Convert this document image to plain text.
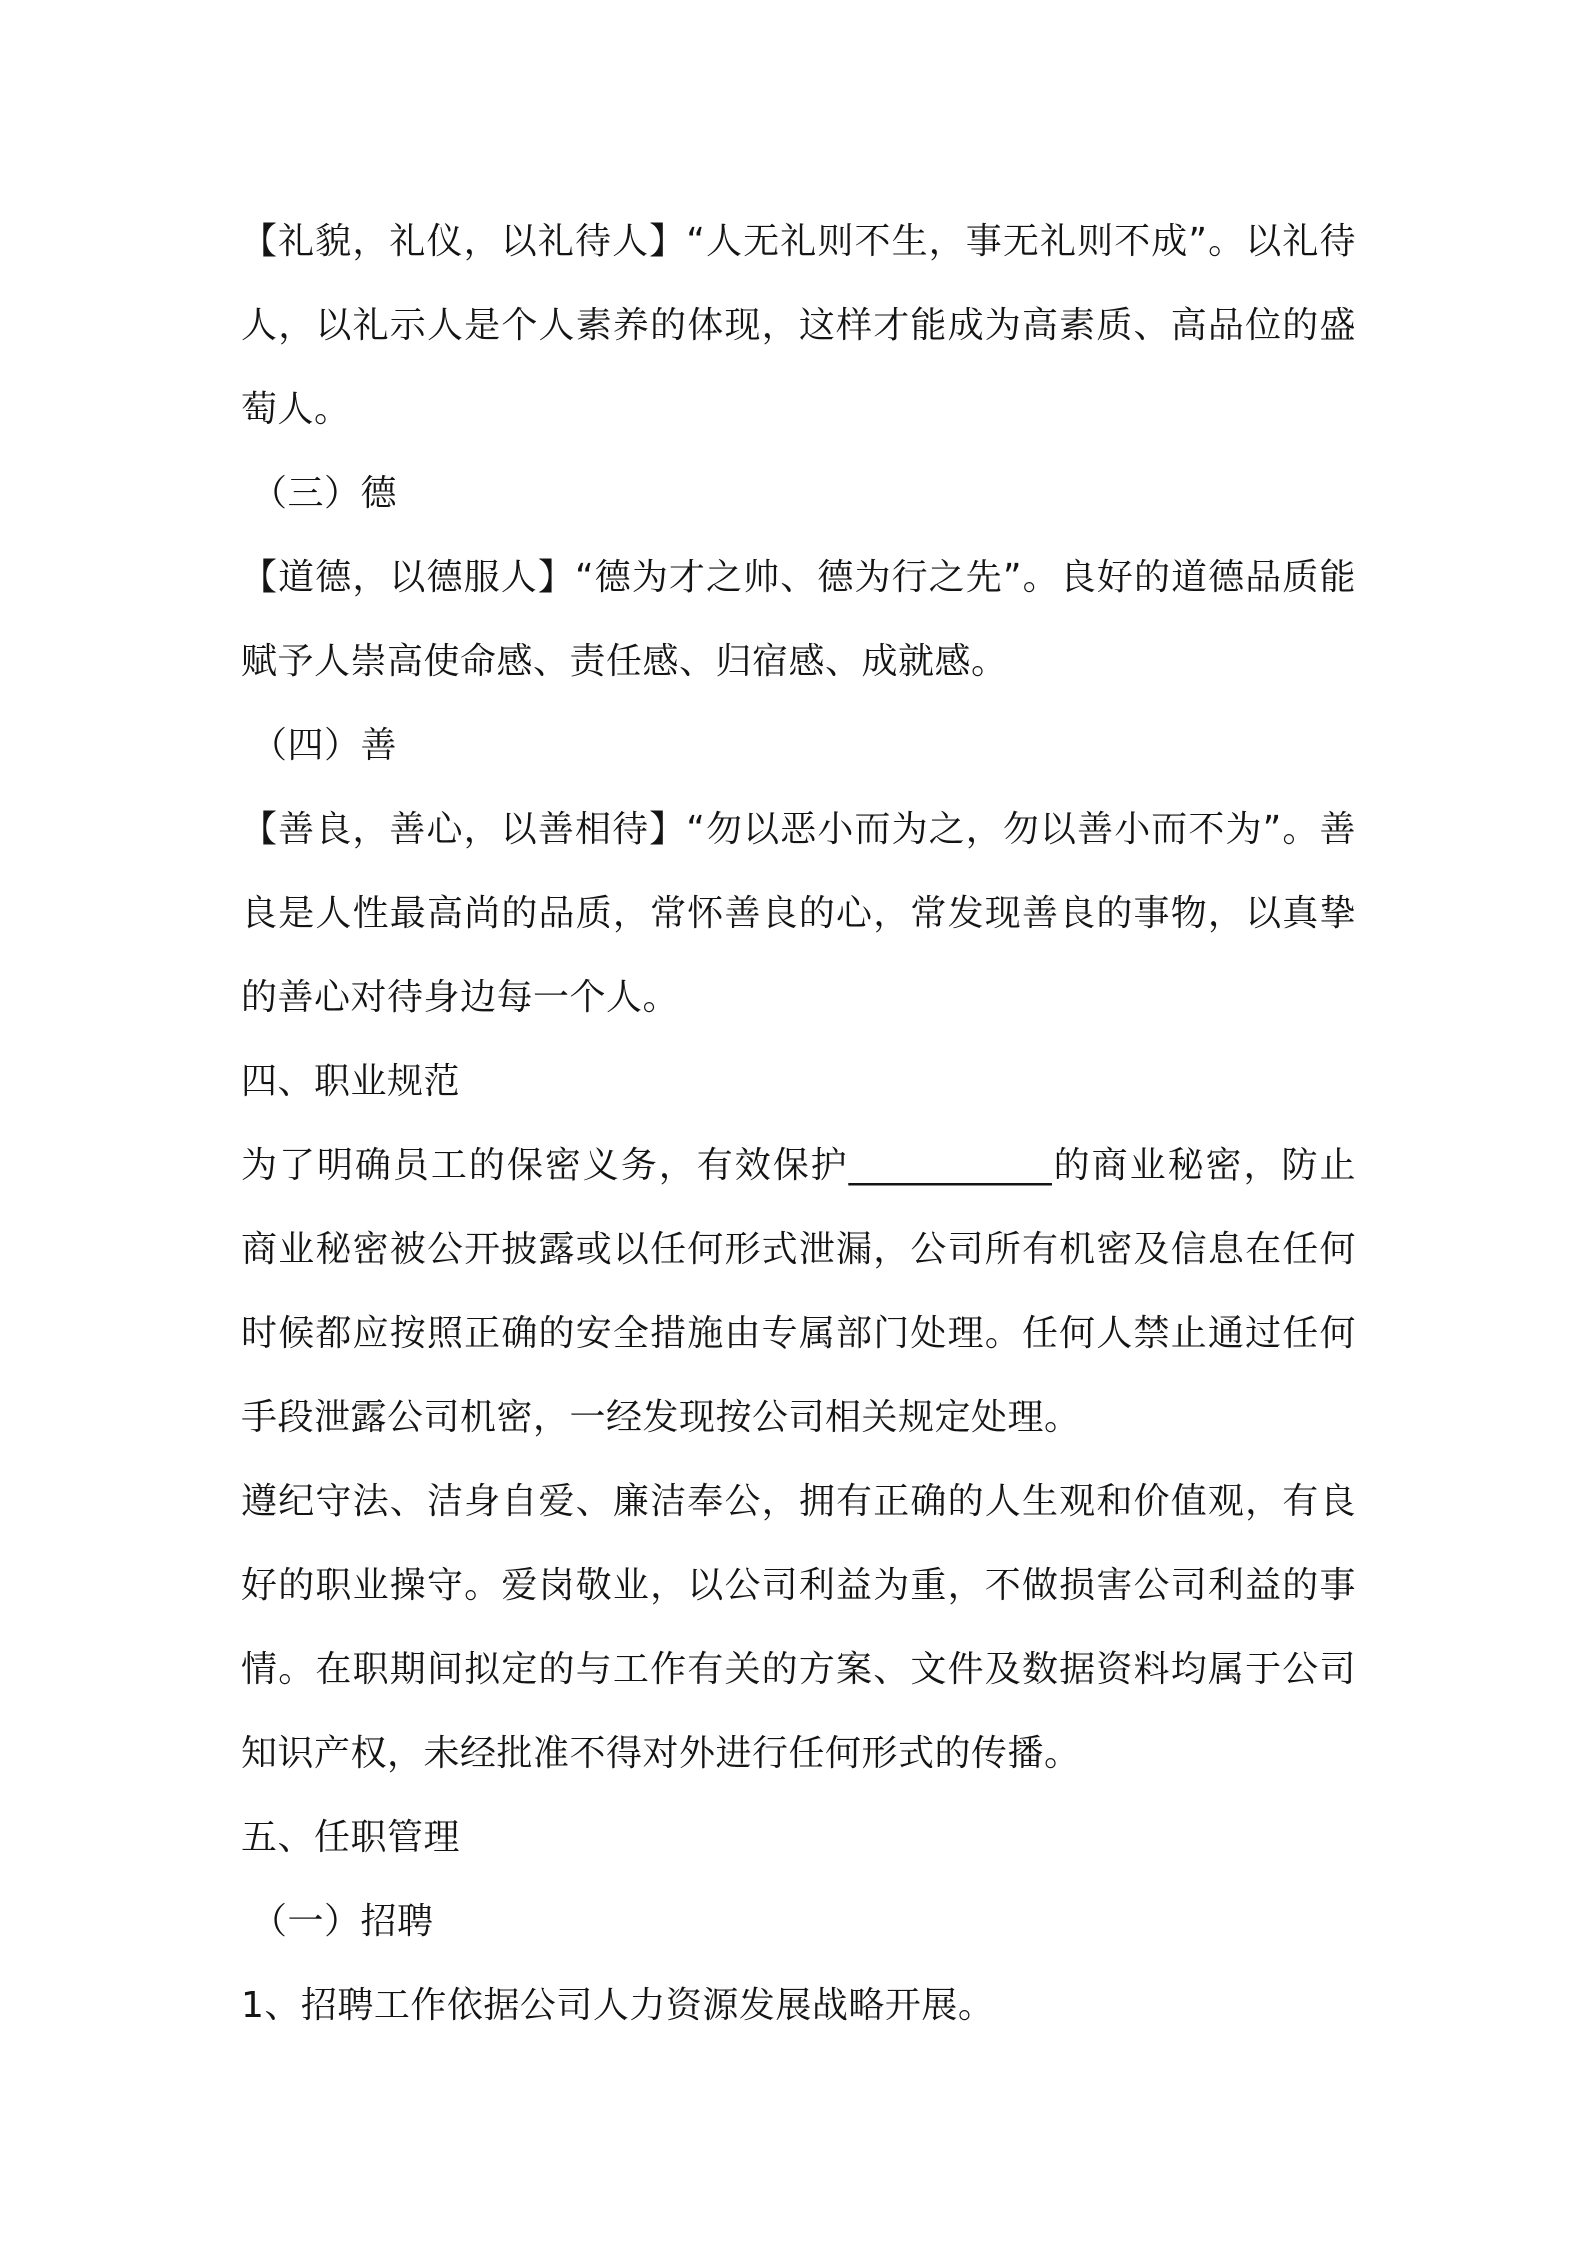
【礼貌，礼仪，以礼待人】“人无礼则不生，事无礼则不成”。以礼待人，以礼示人是个人素养的体现，这样才能成为高素质、高品位的盛萄人。

（三）德

【道德，以德服人】“德为才之帅、德为行之先”。良好的道德品质能赋予人崇高使命感、责任感、归宿感、成就感。

（四）善

【善良，善心，以善相待】“勿以恶小而为之，勿以善小而不为”。善良是人性最高尚的品质，常怀善良的心，常发现善良的事物，以真挚的善心对待身边每一个人。

四、职业规范

为了明确员工的保密义务，有效保护___________的商业秘密，防止商业秘密被公开披露或以任何形式泄漏，公司所有机密及信息在任何时候都应按照正确的安全措施由专属部门处理。任何人禁止通过任何手段泄露公司机密，一经发现按公司相关规定处理。

遵纪守法、洁身自爱、廉洁奉公，拥有正确的人生观和价值观，有良好的职业操守。爱岗敬业，以公司利益为重，不做损害公司利益的事情。在职期间拟定的与工作有关的方案、文件及数据资料均属于公司知识产权，未经批准不得对外进行任何形式的传播。

五、任职管理

（一）招聘

1、招聘工作依据公司人力资源发展战略开展。
